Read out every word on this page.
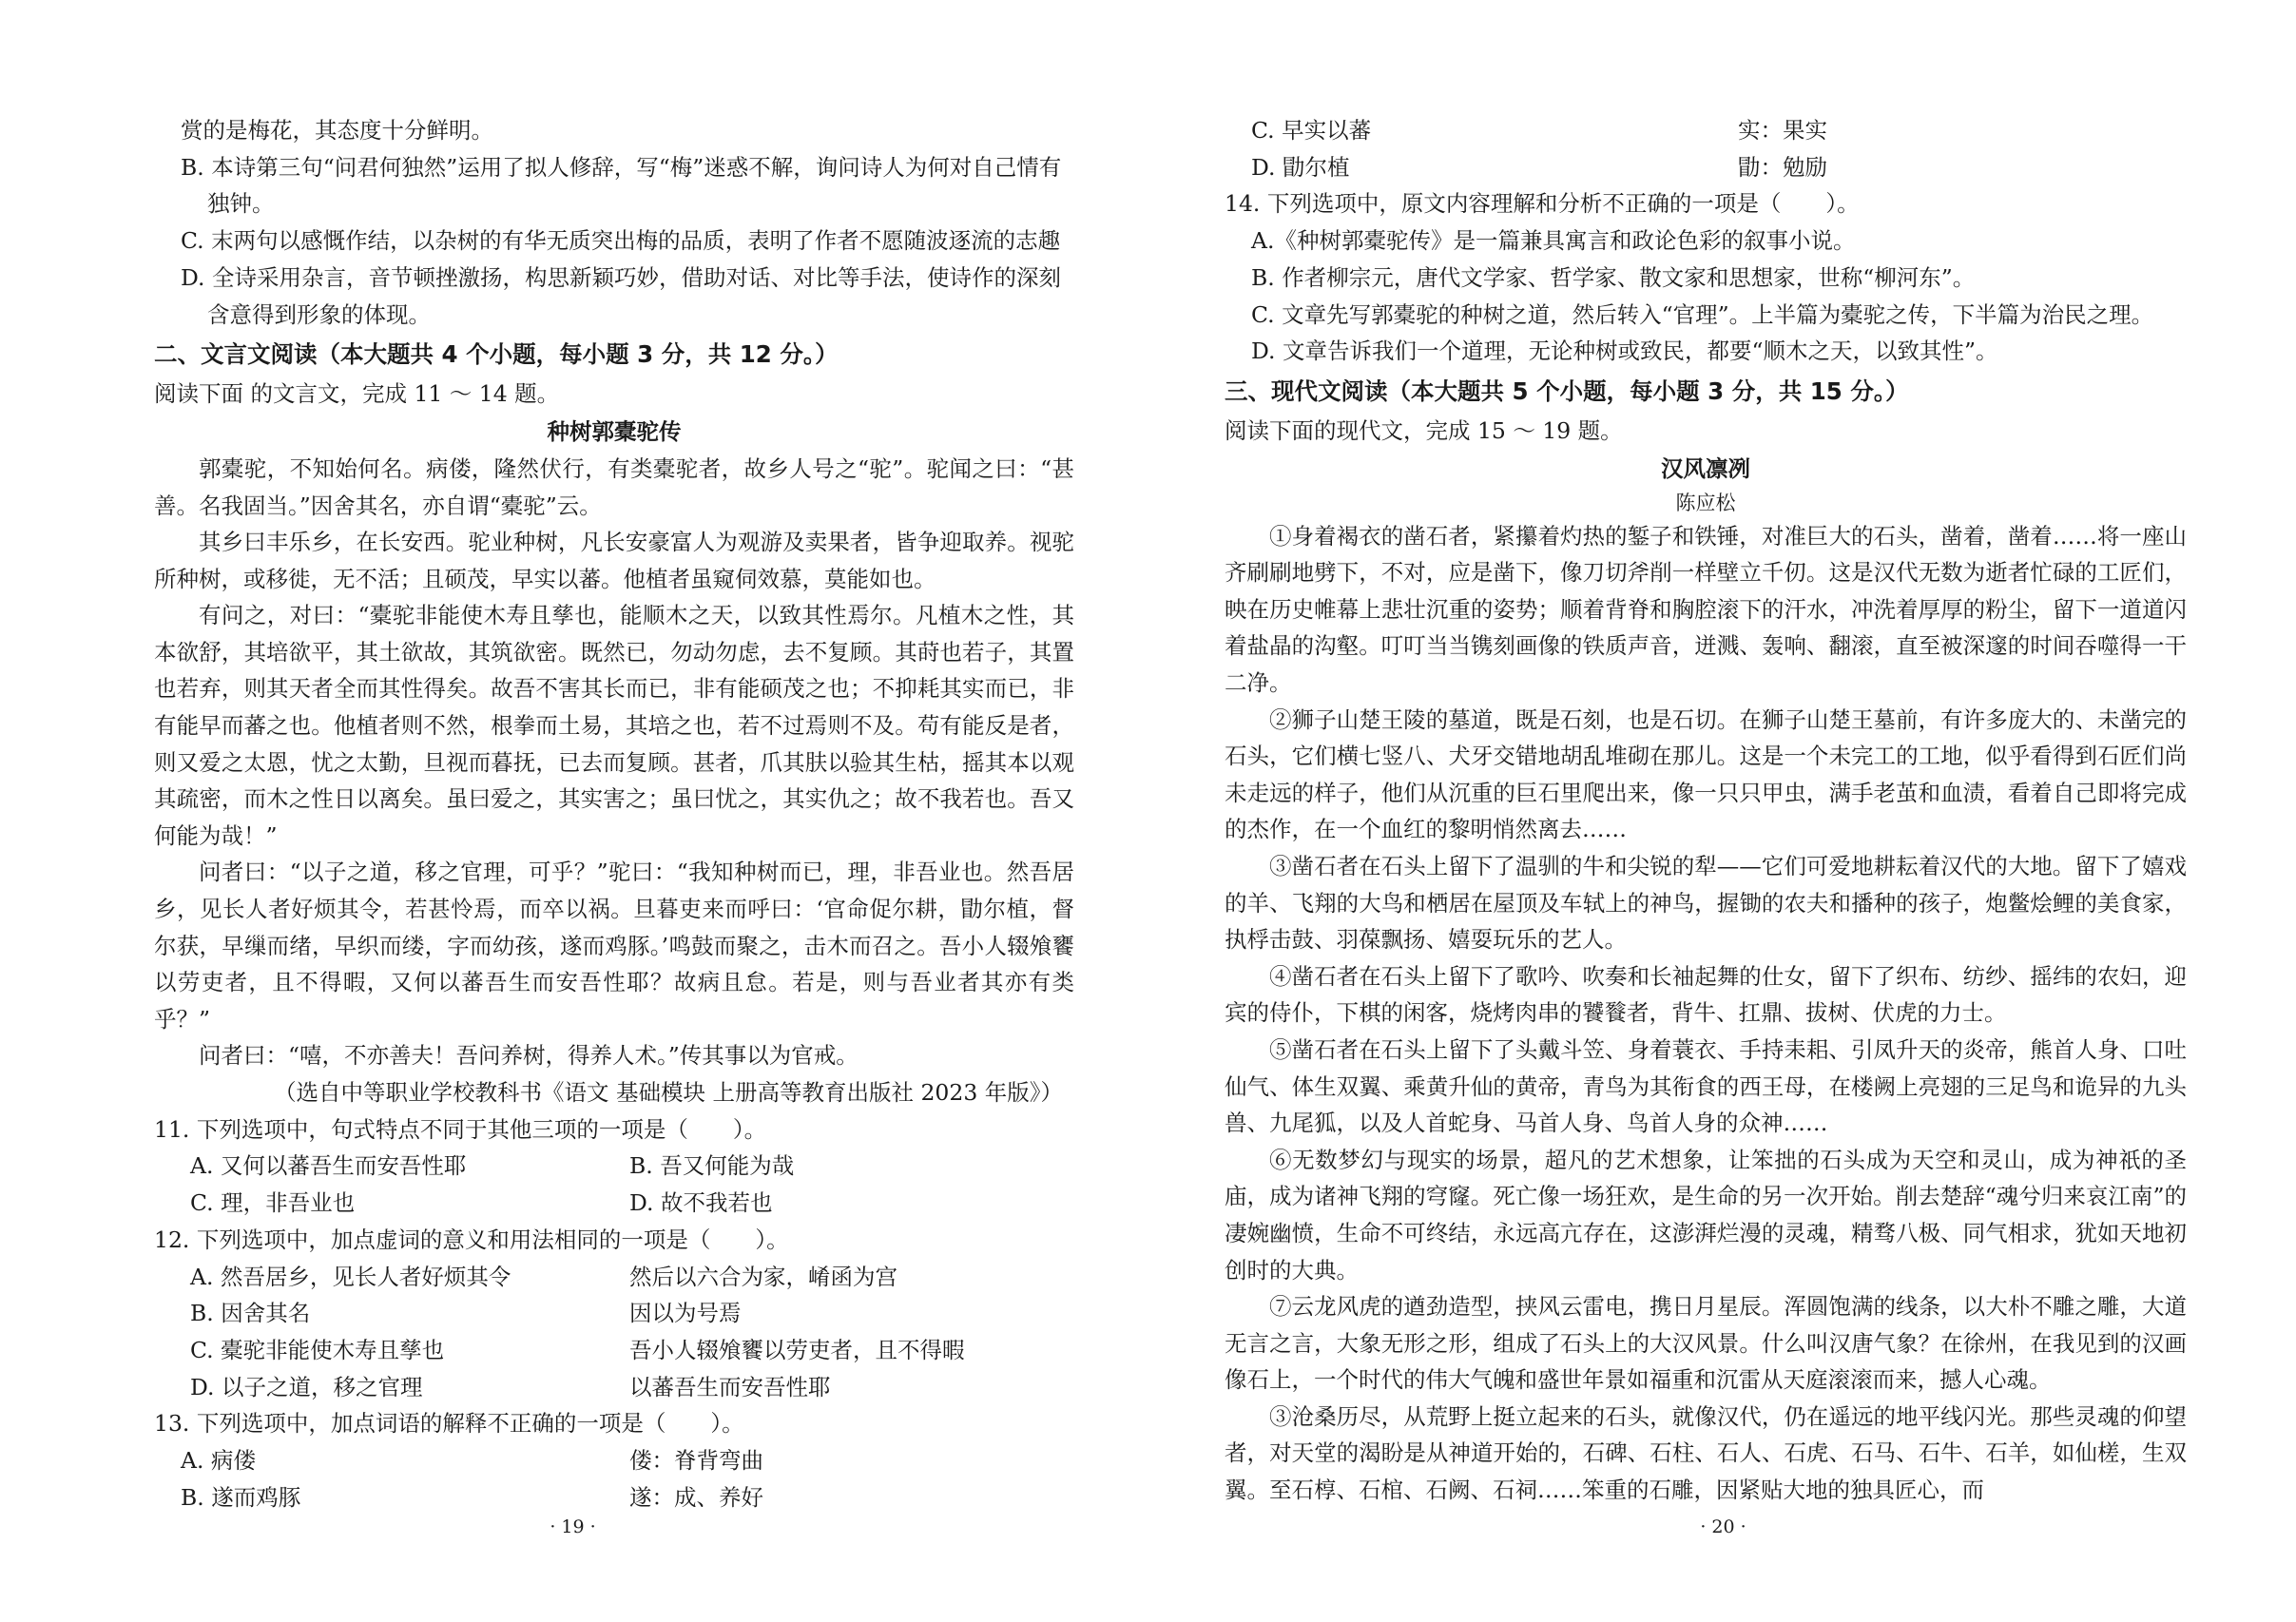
赏的是梅花，其态度十分鲜明。

B. 本诗第三句“问君何独然”运用了拟人修辞，写“梅”迷惑不解，询问诗人为何对自己情有独钟。

C. 末两句以感慨作结，以杂树的有华无质突出梅的品质，表明了作者不愿随波逐流的志趣

D. 全诗采用杂言，音节顿挫激扬，构思新颖巧妙，借助对话、对比等手法，使诗作的深刻含意得到形象的体现。

二、文言文阅读（本大题共 4 个小题，每小题 3 分，共 12 分。）

阅读下面 的文言文，完成 11 ～ 14 题。

种树郭橐驼传

郭橐驼，不知始何名。病偻，隆然伏行，有类橐驼者，故乡人号之“驼”。驼闻之曰：“甚善。名我固当。”因舍其名，亦自谓“橐驼”云。

其乡曰丰乐乡，在长安西。驼业种树，凡长安豪富人为观游及卖果者，皆争迎取养。视驼所种树，或移徙，无不活；且硕茂，早实以蕃。他植者虽窥伺效慕，莫能如也。

有问之，对曰：“橐驼非能使木寿且孳也，能顺木之天，以致其性焉尔。凡植木之性，其本欲舒，其培欲平，其土欲故，其筑欲密。既然已，勿动勿虑，去不复顾。其莳也若子，其置也若弃，则其天者全而其性得矣。故吾不害其长而已，非有能硕茂之也；不抑耗其实而已，非有能早而蕃之也。他植者则不然，根拳而土易，其培之也，若不过焉则不及。苟有能反是者，则又爱之太恩，忧之太勤，旦视而暮抚，已去而复顾。甚者，爪其肤以验其生枯，摇其本以观其疏密，而木之性日以离矣。虽曰爱之，其实害之；虽曰忧之，其实仇之；故不我若也。吾又何能为哉！”

问者曰：“以子之道，移之官理，可乎？”驼曰：“我知种树而已，理，非吾业也。然吾居乡，见长人者好烦其令，若甚怜焉，而卒以祸。旦暮吏来而呼曰：‘官命促尔耕，勖尔植，督尔获，早缫而绪，早织而缕，字而幼孩，遂而鸡豚。’鸣鼓而聚之，击木而召之。吾小人辍飧饔以劳吏者，且不得暇，又何以蕃吾生而安吾性耶？故病且怠。若是，则与吾业者其亦有类乎？”

问者曰：“嘻，不亦善夫！吾问养树，得养人术。”传其事以为官戒。

（选自中等职业学校教科书《语文 基础模块 上册高等教育出版社 2023 年版》）

11. 下列选项中，句式特点不同于其他三项的一项是（　　）。

A. 又何以蕃吾生而安吾性耶	B. 吾又何能为哉
C. 理，非吾业也	D. 故不我若也

12. 下列选项中，加点虚词的意义和用法相同的一项是（　　）。

A. 然吾居乡，见长人者好烦其令	然后以六合为家，崤函为宫
B. 因舍其名	因以为号焉
C. 橐驼非能使木寿且孳也	吾小人辍飧饔以劳吏者，且不得暇
D. 以子之道，移之官理	以蕃吾生而安吾性耶

13. 下列选项中，加点词语的解释不正确的一项是（　　）。

A. 病偻	偻：脊背弯曲
B. 遂而鸡豚	遂：成、养好
· 19 ·
C. 早实以蕃	实：果实
D. 勖尔植	勖：勉励

14. 下列选项中，原文内容理解和分析不正确的一项是（　　）。

A.《种树郭橐驼传》是一篇兼具寓言和政论色彩的叙事小说。

B. 作者柳宗元，唐代文学家、哲学家、散文家和思想家，世称“柳河东”。

C. 文章先写郭橐驼的种树之道，然后转入“官理”。上半篇为橐驼之传，下半篇为治民之理。

D. 文章告诉我们一个道理，无论种树或致民，都要“顺木之天，以致其性”。

三、现代文阅读（本大题共 5 个小题，每小题 3 分，共 15 分。）

阅读下面的现代文，完成 15 ～ 19 题。

汉风凛冽

陈应松

①身着褐衣的凿石者，紧攥着灼热的錾子和铁锤，对准巨大的石头，凿着，凿着……将一座山齐刷刷地劈下，不对，应是凿下，像刀切斧削一样壁立千仞。这是汉代无数为逝者忙碌的工匠们，映在历史帷幕上悲壮沉重的姿势；顺着背脊和胸腔滚下的汗水，冲洗着厚厚的粉尘，留下一道道闪着盐晶的沟壑。叮叮当当镌刻画像的铁质声音，迸溅、轰响、翻滚，直至被深邃的时间吞噬得一干二净。

②狮子山楚王陵的墓道，既是石刻，也是石切。在狮子山楚王墓前，有许多庞大的、未凿完的石头，它们横七竖八、犬牙交错地胡乱堆砌在那儿。这是一个未完工的工地，似乎看得到石匠们尚未走远的样子，他们从沉重的巨石里爬出来，像一只只甲虫，满手老茧和血渍，看着自己即将完成的杰作，在一个血红的黎明悄然离去……

③凿石者在石头上留下了温驯的牛和尖锐的犁——它们可爱地耕耘着汉代的大地。留下了嬉戏的羊、飞翔的大鸟和栖居在屋顶及车轼上的神鸟，握锄的农夫和播种的孩子，炮鳖烩鲤的美食家，执桴击鼓、羽葆飘扬、嬉耍玩乐的艺人。

④凿石者在石头上留下了歌吟、吹奏和长袖起舞的仕女，留下了织布、纺纱、摇纬的农妇，迎宾的侍仆，下棋的闲客，烧烤肉串的饕餮者，背牛、扛鼎、拔树、伏虎的力士。

⑤凿石者在石头上留下了头戴斗笠、身着蓑衣、手持耒耜、引凤升天的炎帝，熊首人身、口吐仙气、体生双翼、乘黄升仙的黄帝，青鸟为其衔食的西王母，在楼阙上亮翅的三足鸟和诡异的九头兽、九尾狐，以及人首蛇身、马首人身、鸟首人身的众神……

⑥无数梦幻与现实的场景，超凡的艺术想象，让笨拙的石头成为天空和灵山，成为神祇的圣庙，成为诸神飞翔的穹窿。死亡像一场狂欢，是生命的另一次开始。削去楚辞“魂兮归来哀江南”的凄婉幽愤，生命不可终结，永远高亢存在，这澎湃烂漫的灵魂，精骛八极、同气相求，犹如天地初创时的大典。

⑦云龙风虎的遒劲造型，挟风云雷电，携日月星辰。浑圆饱满的线条，以大朴不雕之雕，大道无言之言，大象无形之形，组成了石头上的大汉风景。什么叫汉唐气象？在徐州，在我见到的汉画像石上，一个时代的伟大气魄和盛世年景如福重和沉雷从天庭滚滚而来，撼人心魂。

③沧桑历尽，从荒野上挺立起来的石头，就像汉代，仍在遥远的地平线闪光。那些灵魂的仰望者，对天堂的渴盼是从神道开始的，石碑、石柱、石人、石虎、石马、石牛、石羊，如仙槎，生双翼。至石椁、石棺、石阙、石祠……笨重的石雕，因紧贴大地的独具匠心，而

· 20 ·
